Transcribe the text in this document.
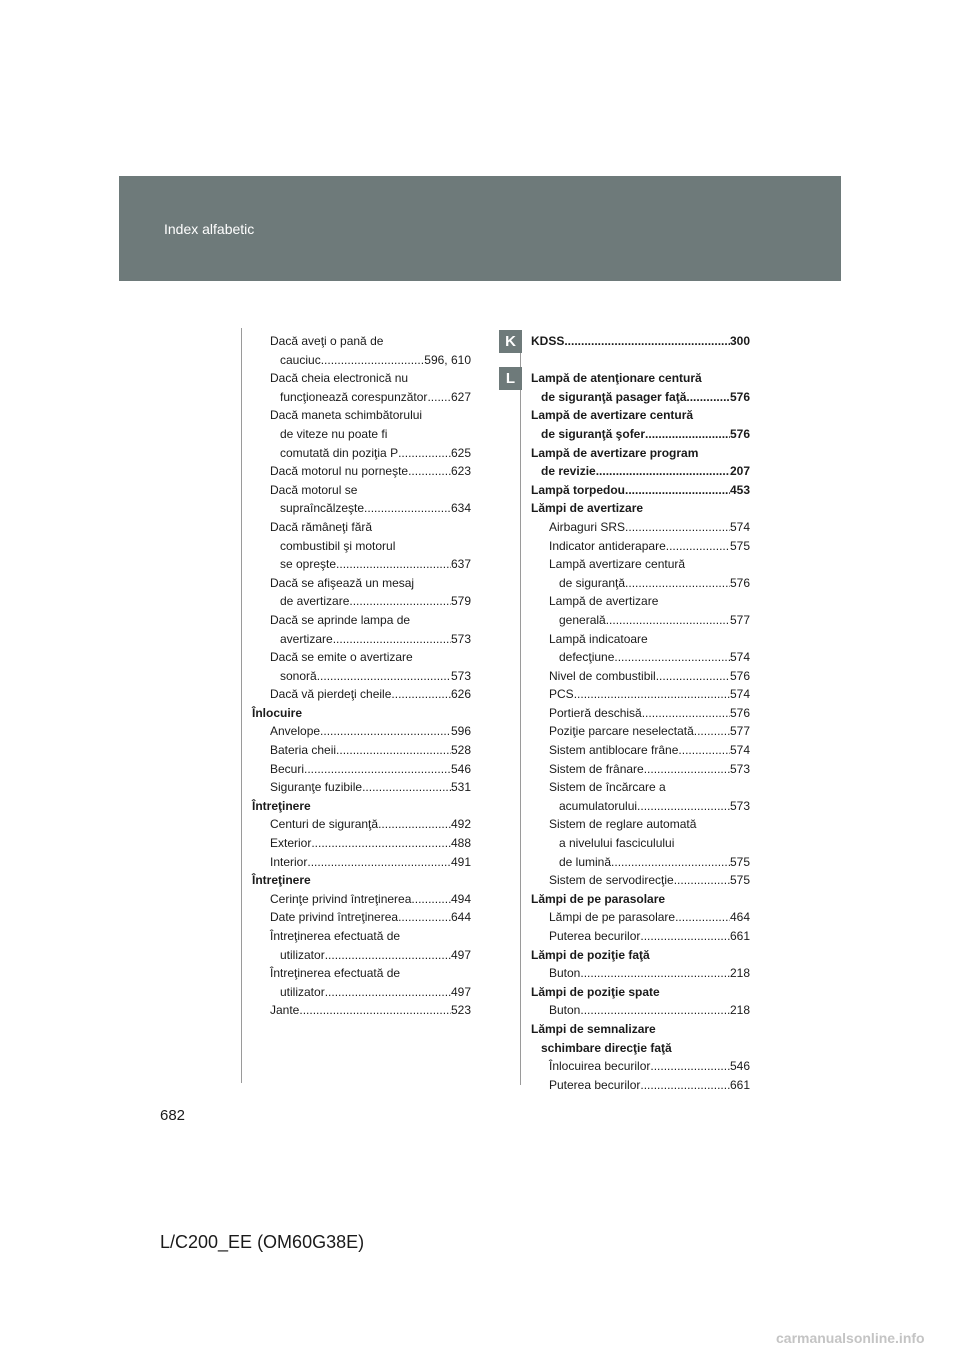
Index alfabetic
Dacă aveţi o pană de
cauciuc .....	596, 610
Dacă cheia electronică nu
funcţionează corespunzător ..... 627
Dacă maneta schimbătorului
de viteze nu poate fi
comutată din poziţia P .....	625
Dacă motorul nu porneşte .....	623
Dacă motorul se
supraîncălzeşte .....	634
Dacă rămâneţi fără
combustibil şi motorul
se opreşte .....	637
Dacă se afişează un mesaj
de avertizare .....	579
Dacă se aprinde lampa de
avertizare .....	573
Dacă se emite o avertizare
sonoră .....	573
Dacă vă pierdeţi cheile .....	626
Înlocuire
Anvelope .....	596
Bateria cheii .....	528
Becuri .....	546
Siguranţe fuzibile .....	531
Întreţinere
Centuri de siguranţă .....	492
Exterior .....	488
Interior .....	491
Întreţinere
Cerinţe privind întreţinerea .....	494
Date privind întreţinerea .....	644
Întreţinerea efectuată de
utilizator .....	497
Întreţinerea efectuată de
utilizator .....	497
Jante .....	523
KDSS .....	300
Lampă de atenţionare centură
de siguranţă pasager faţă .....	576
Lampă de avertizare centură
de siguranţă şofer .....	576
Lampă de avertizare program
de revizie .....	207
Lampă torpedou .....	453
Lămpi de avertizare
Airbaguri SRS .....	574
Indicator antiderapare .....	575
Lampă avertizare centură
de siguranţă .....	576
Lampă de avertizare
generală .....	577
Lampă indicatoare
defecţiune .....	574
Nivel de combustibil .....	576
PCS .....	574
Portieră deschisă .....	576
Poziţie parcare neselectată .....	577
Sistem antiblocare frâne .....	574
Sistem de frânare .....	573
Sistem de încărcare a
acumulatorului .....	573
Sistem de reglare automată
a nivelului fasciculului
de lumină .....	575
Sistem de servodirecţie .....	575
Lămpi de pe parasolare
Lămpi de pe parasolare .....	464
Puterea becurilor .....	661
Lămpi de poziţie faţă
Buton .....	218
Lămpi de poziţie spate
Buton .....	218
Lămpi de semnalizare
schimbare direcţie faţă
Înlocuirea becurilor .....	546
Puterea becurilor .....	661
K
L
682
L/C200_EE (OM60G38E)
carmanualsonline.info
